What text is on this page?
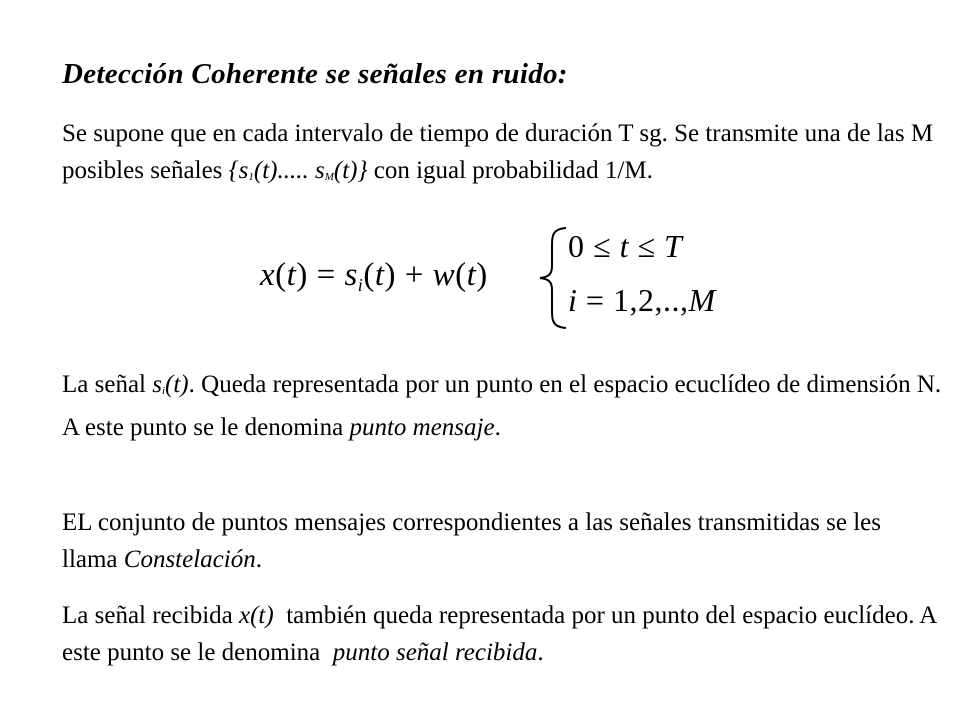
Detección Coherente se señales en ruido:

Se supone que en cada intervalo de tiempo de duración T sg. Se transmite una de las M posibles señales {$s_1(t)$..... $s_M(t)$} con igual probabilidad 1/M.

$x(t) = s_i(t) + w(t)$
0 ≤ t ≤ T
i = 1,2,..,M

La señal $s_i(t)$. Queda representada por un punto en el espacio ecuclídeo de dimensión N. A este punto se le denomina punto mensaje.

EL conjunto de puntos mensajes correspondientes a las señales transmitidas se les llama Constelación.

La señal recibida x(t)  también queda representada por un punto del espacio euclídeo. A este punto se le denomina  punto señal recibida.
